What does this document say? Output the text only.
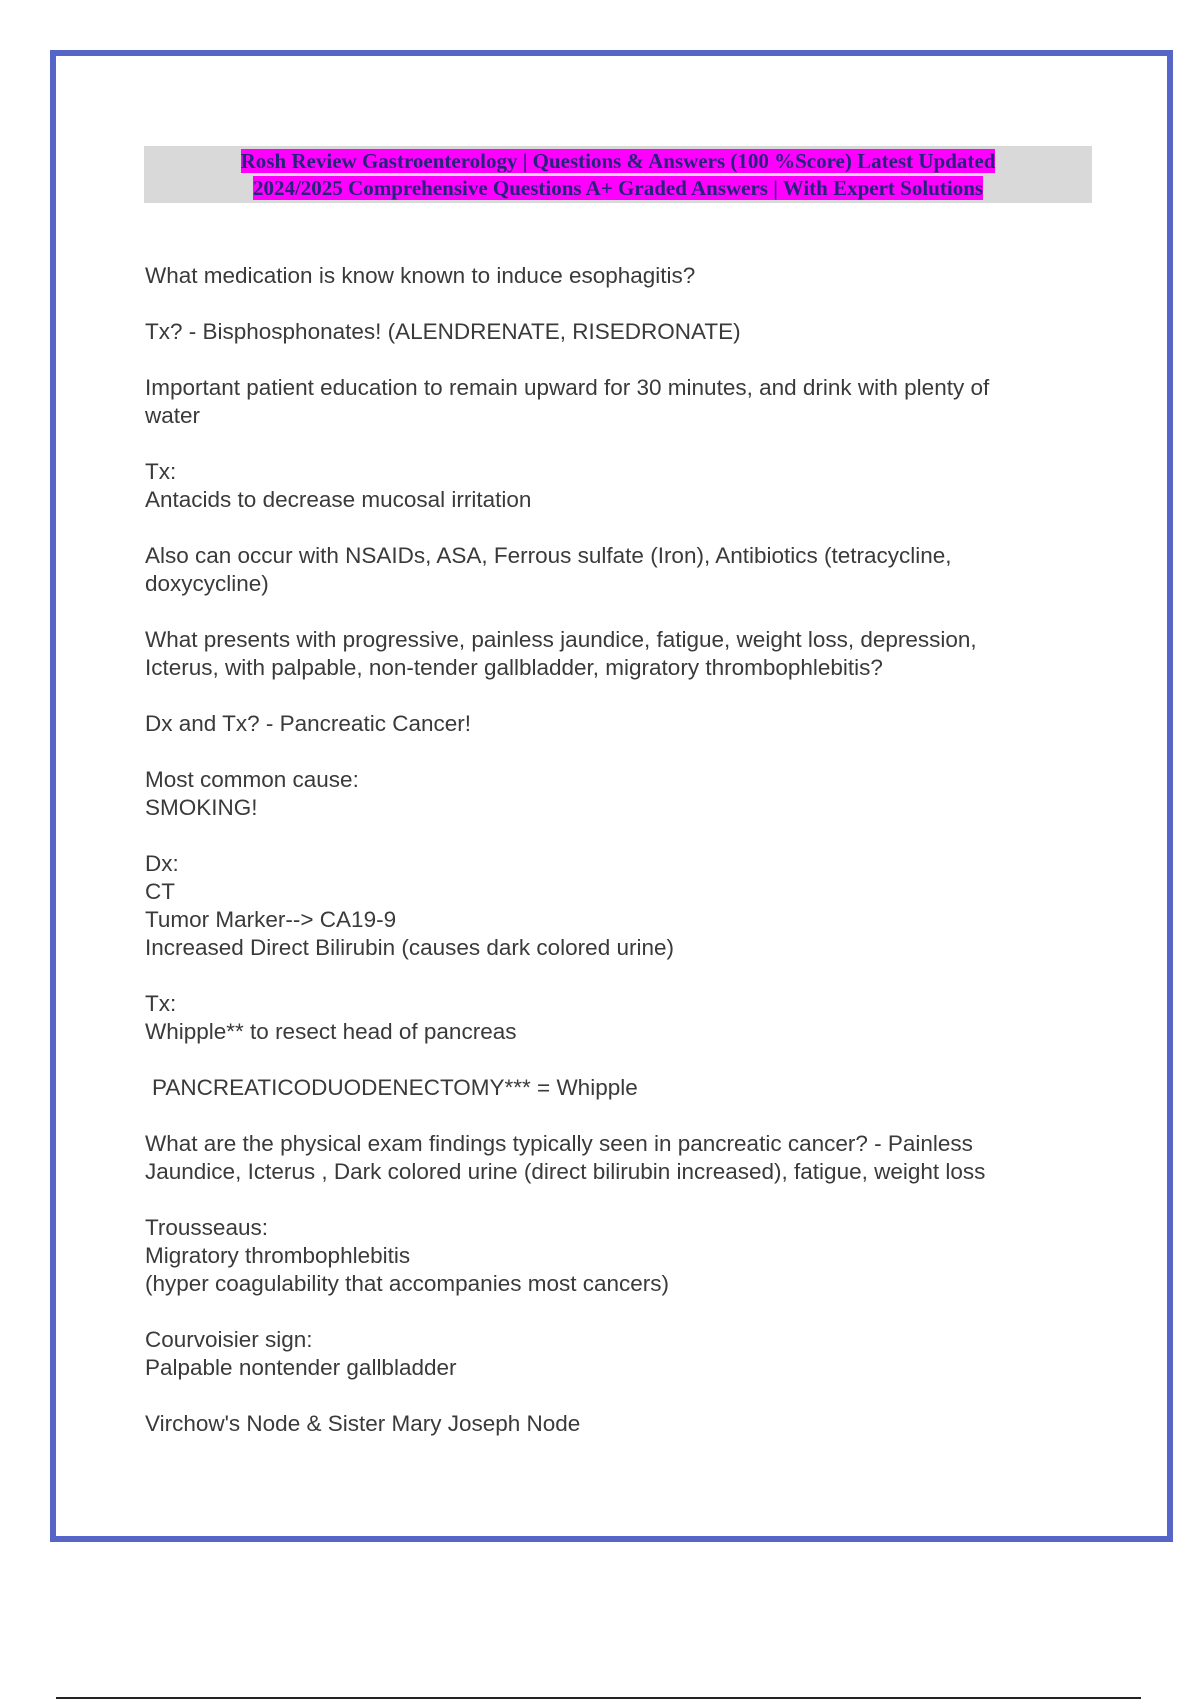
Rosh Review Gastroenterology | Questions & Answers (100 %Score) Latest Updated
2024/2025 Comprehensive Questions A+ Graded Answers | With Expert Solutions
What medication is know known to induce esophagitis?
Tx? - Bisphosphonates! (ALENDRENATE, RISEDRONATE)
Important patient education to remain upward for 30 minutes, and drink with plenty of
water
Tx:
Antacids to decrease mucosal irritation
Also can occur with NSAIDs, ASA, Ferrous sulfate (Iron), Antibiotics (tetracycline,
doxycycline)
What presents with progressive, painless jaundice, fatigue, weight loss, depression,
Icterus, with palpable, non-tender gallbladder, migratory thrombophlebitis?
Dx and Tx? - Pancreatic Cancer!
Most common cause:
SMOKING!
Dx:
CT
Tumor Marker--> CA19-9
Increased Direct Bilirubin (causes dark colored urine)
Tx:
Whipple** to resect head of pancreas
PANCREATICODUODENECTOMY*** = Whipple
What are the physical exam findings typically seen in pancreatic cancer? - Painless
Jaundice, Icterus , Dark colored urine (direct bilirubin increased), fatigue, weight loss
Trousseaus:
Migratory thrombophlebitis
(hyper coagulability that accompanies most cancers)
Courvoisier sign:
Palpable nontender gallbladder
Virchow's Node & Sister Mary Joseph Node
